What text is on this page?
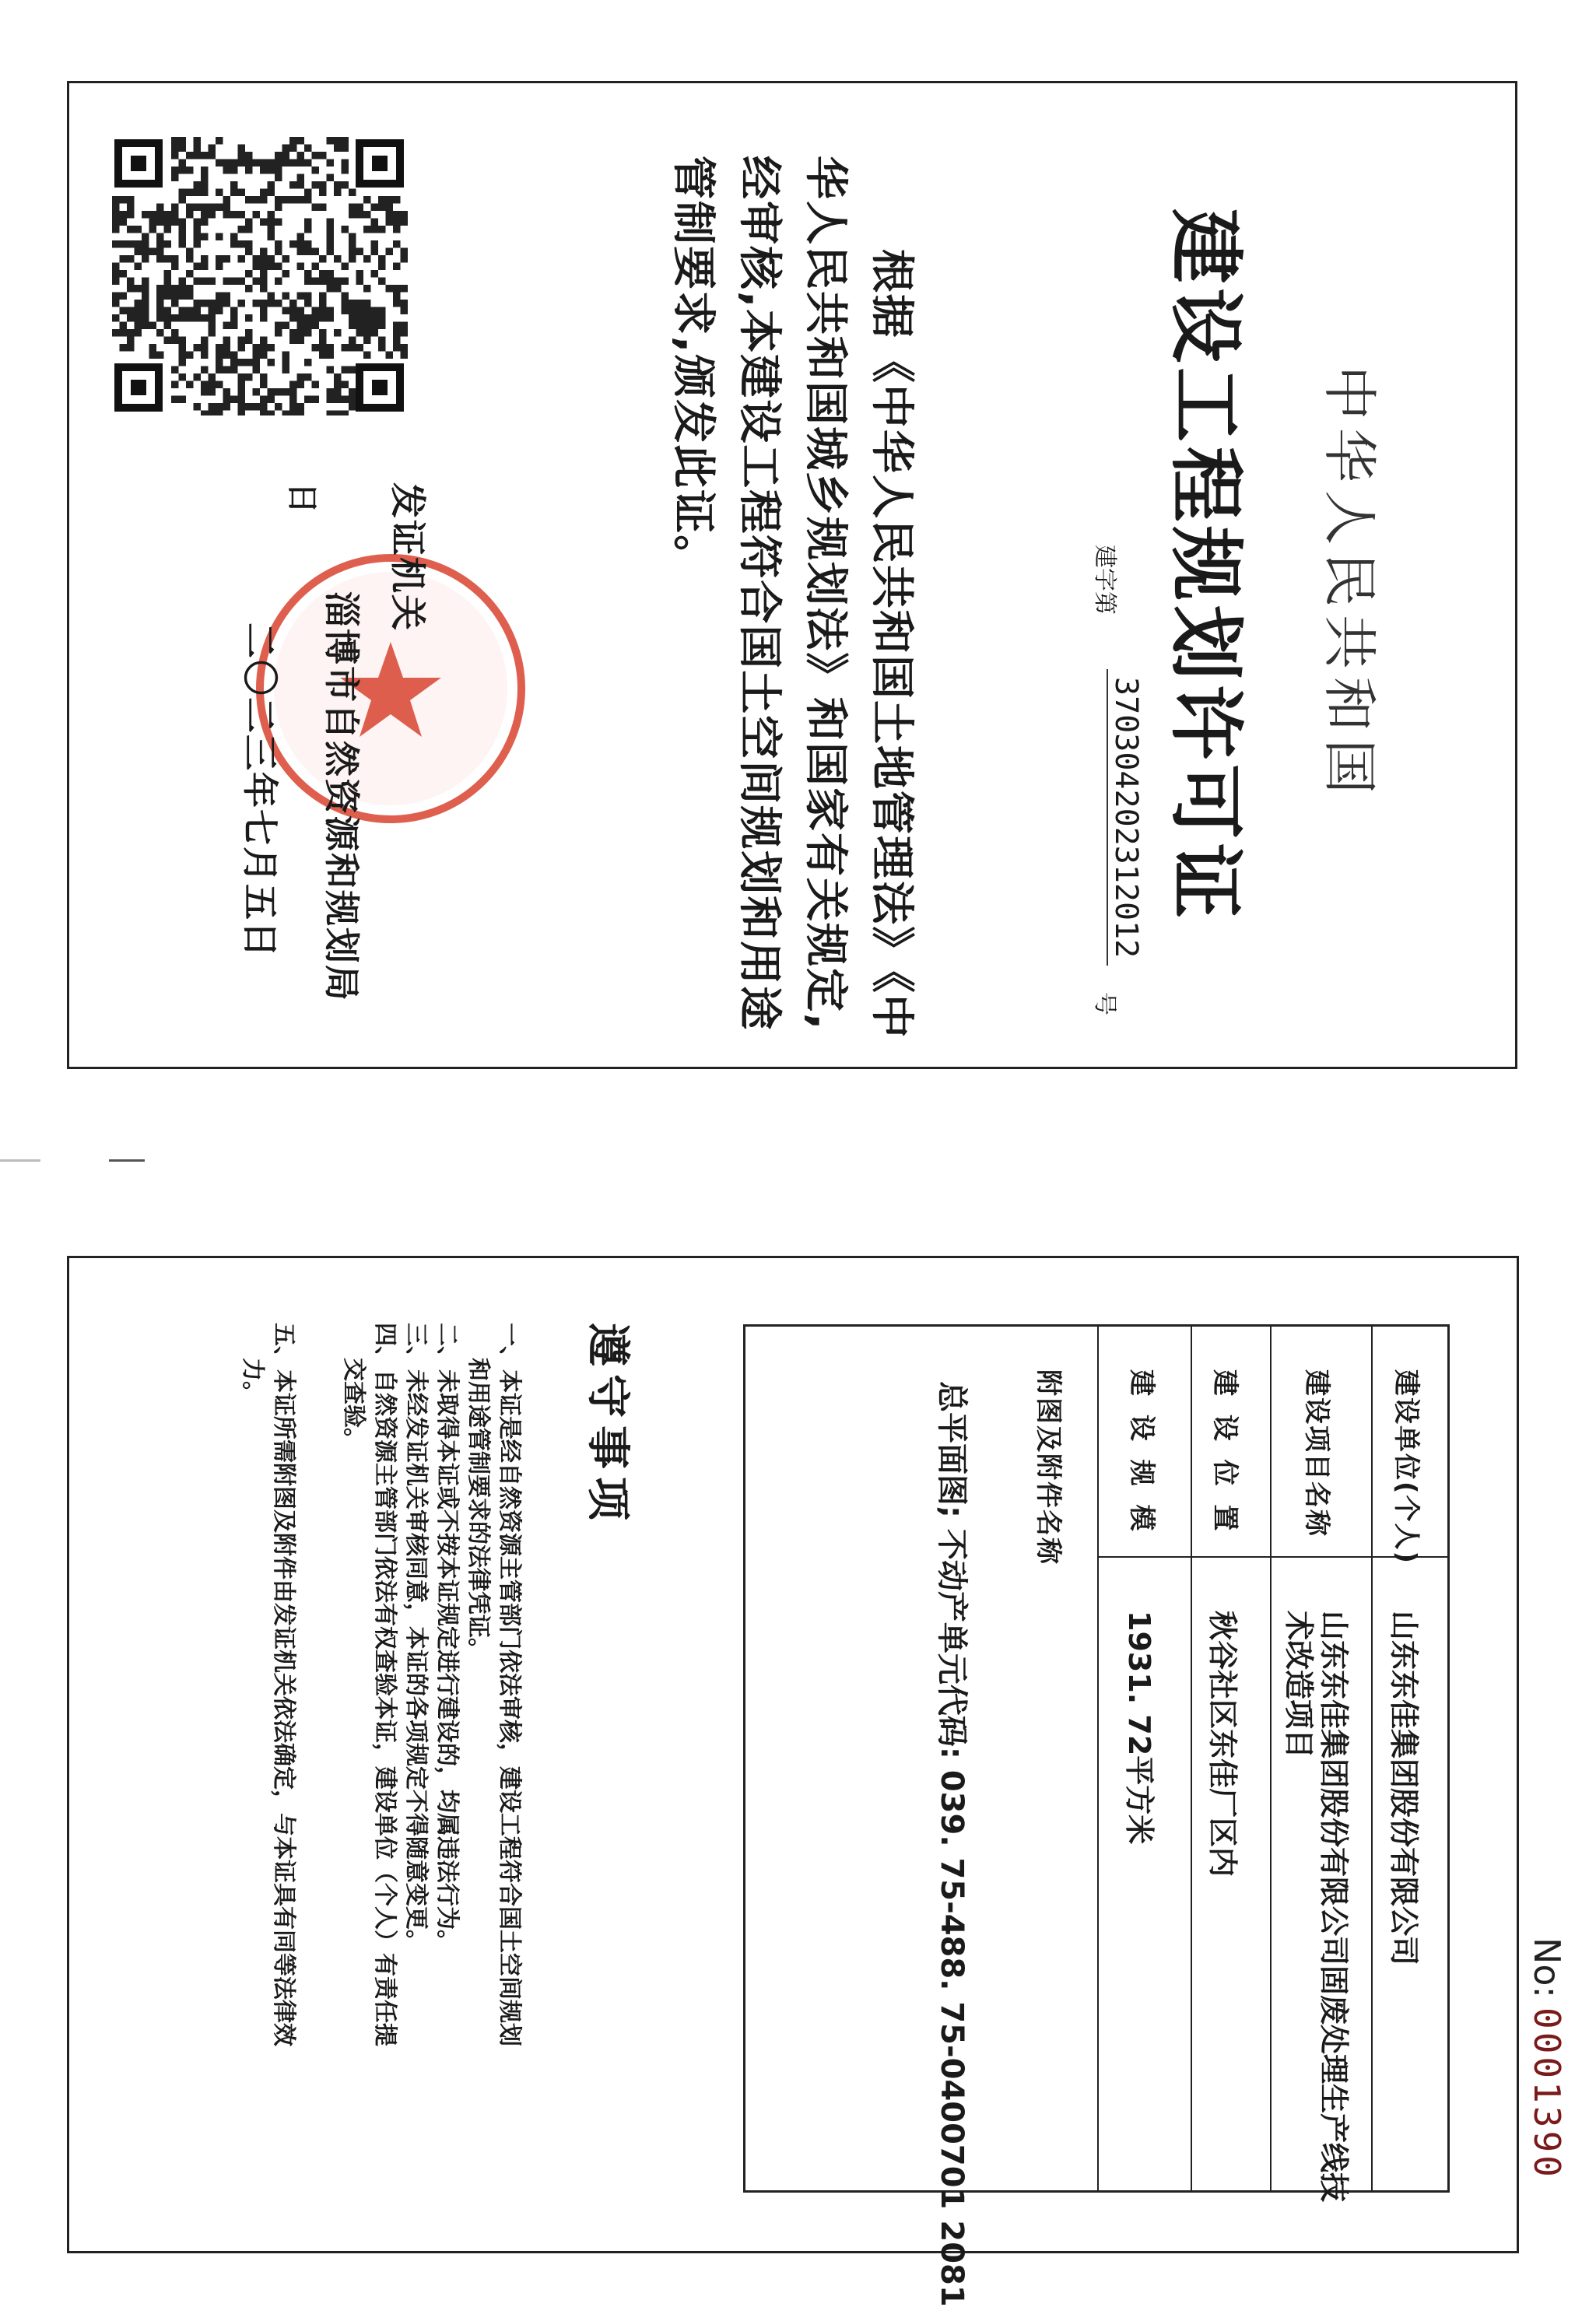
中华人民共和国
建设工程规划许可证
建字第
370304202312012
号
根据《中华人民共和国土地管理法》《中
华人民共和国城乡规划法》和国家有关规定,
经审核,本建设工程符合国土空间规划和用途
管制要求,颁发此证。
发证机关
淄博市自然资源和规划局
日
二〇二三年七月五日
No:
0001390
建设单位(个人)
建设项目名称
建 设 位 置
建 设 规 模
山东东佳集团股份有限公司
山东东佳集团股份有限公司固废处理生产线技
术改造项目
秋谷社区东佳厂区内
1931. 72平方米
附图及附件名称
总平面图; 不动产单元代码: 039. 75-488. 75-0400701 2081
遵守事项
一、本证是经自然资源主管部门依法审核，建设工程符合国土空间规划
和用途管制要求的法律凭证。
二、未取得本证或不按本证规定进行建设的，均属违法行为。
三、未经发证机关审核同意，本证的各项规定不得随意变更。
四、自然资源主管部门依法有权查验本证，建设单位（个人）有责任提
交查验。
五、本证所需附图及附件由发证机关依法确定，与本证具有同等法律效
力。
